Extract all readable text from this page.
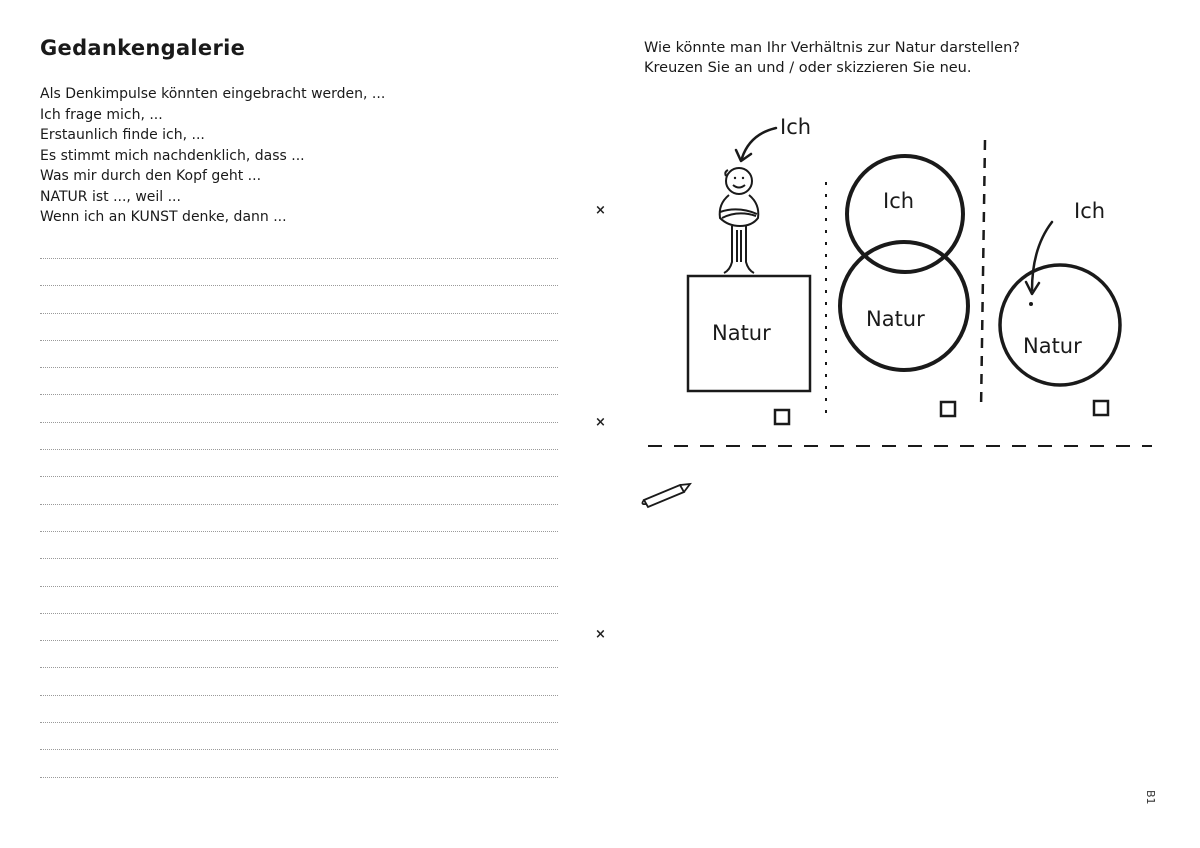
Gedankengalerie
Als Denkimpulse könnten eingebracht werden, ...
Ich frage mich, ...
Erstaunlich finde ich, ...
Es stimmt mich nachdenklich, dass ...
Was mir durch den Kopf geht ...
NATUR ist ..., weil ...
Wenn ich an KUNST denke, dann ...	×
×
×
Wie könnte man Ihr Verhältnis zur Natur darstellen?
Kreuzen Sie an und / oder skizzieren Sie neu.
Ich
Natur
Ich
Natur
Ich
Natur
B1
